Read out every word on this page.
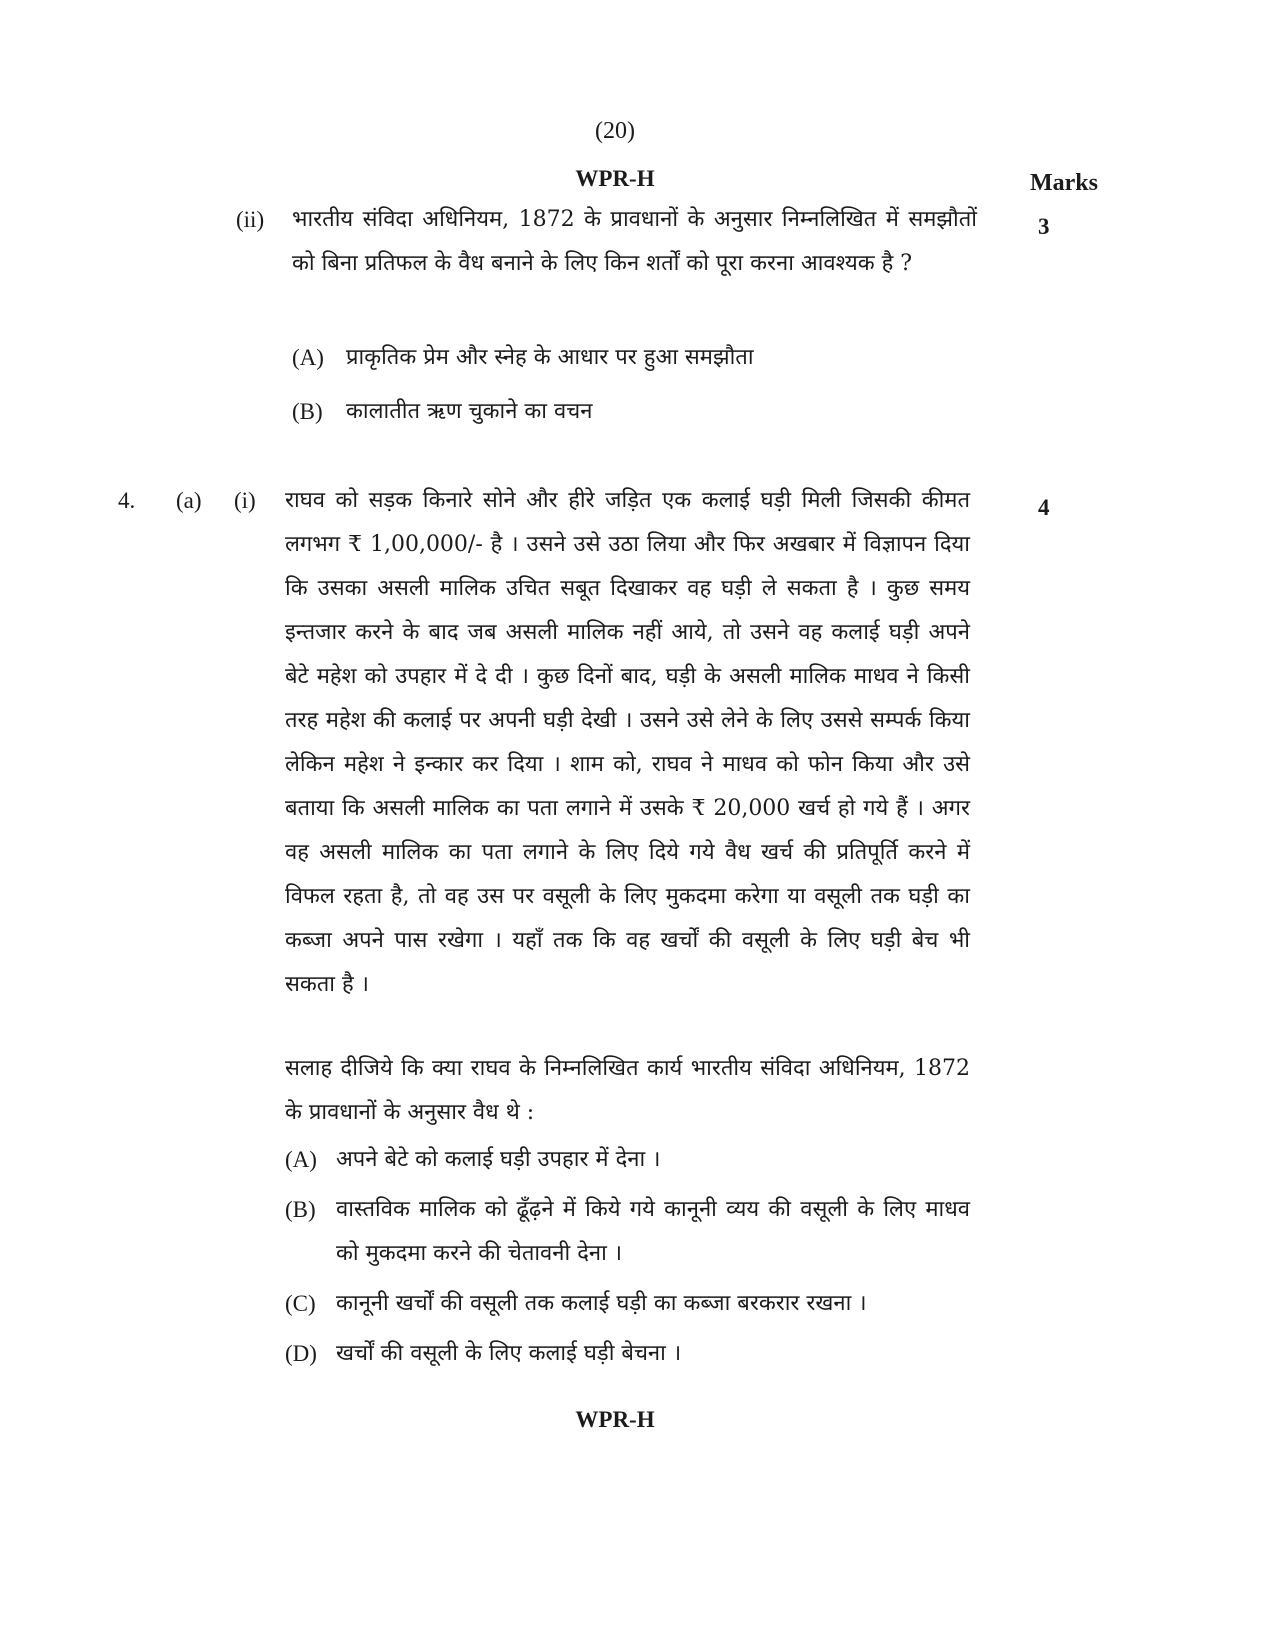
(20)
WPR-H	Marks
(ii)	3
भारतीय संविदा अधिनियम, 1872 के प्रावधानों के अनुसार निम्नलिखित में समझौतों को बिना प्रतिफल के वैध बनाने के लिए किन शर्तों को पूरा करना आवश्यक है ?
(A) प्राकृतिक प्रेम और स्नेह के आधार पर हुआ समझौता
(B) कालातीत ऋण चुकाने का वचन
4. (a) (i)	4
राघव को सड़क किनारे सोने और हीरे जड़ित एक कलाई घड़ी मिली जिसकी कीमत लगभग ₹ 1,00,000/- है । उसने उसे उठा लिया और फिर अखबार में विज्ञापन दिया कि उसका असली मालिक उचित सबूत दिखाकर वह घड़ी ले सकता है । कुछ समय इन्तजार करने के बाद जब असली मालिक नहीं आये, तो उसने वह कलाई घड़ी अपने बेटे महेश को उपहार में दे दी । कुछ दिनों बाद, घड़ी के असली मालिक माधव ने किसी तरह महेश की कलाई पर अपनी घड़ी देखी । उसने उसे लेने के लिए उससे सम्पर्क किया लेकिन महेश ने इन्कार कर दिया । शाम को, राघव ने माधव को फोन किया और उसे बताया कि असली मालिक का पता लगाने में उसके ₹ 20,000 खर्च हो गये हैं । अगर वह असली मालिक का पता लगाने के लिए दिये गये वैध खर्च की प्रतिपूर्ति करने में विफल रहता है, तो वह उस पर वसूली के लिए मुकदमा करेगा या वसूली तक घड़ी का कब्जा अपने पास रखेगा । यहाँ तक कि वह खर्चों की वसूली के लिए घड़ी बेच भी सकता है ।
सलाह दीजिये कि क्या राघव के निम्नलिखित कार्य भारतीय संविदा अधिनियम, 1872 के प्रावधानों के अनुसार वैध थे :
(A) अपने बेटे को कलाई घड़ी उपहार में देना ।
(B) वास्तविक मालिक को ढूँढ़ने में किये गये कानूनी व्यय की वसूली के लिए माधव को मुकदमा करने की चेतावनी देना ।
(C) कानूनी खर्चों की वसूली तक कलाई घड़ी का कब्जा बरकरार रखना ।
(D) खर्चों की वसूली के लिए कलाई घड़ी बेचना ।
WPR-H
